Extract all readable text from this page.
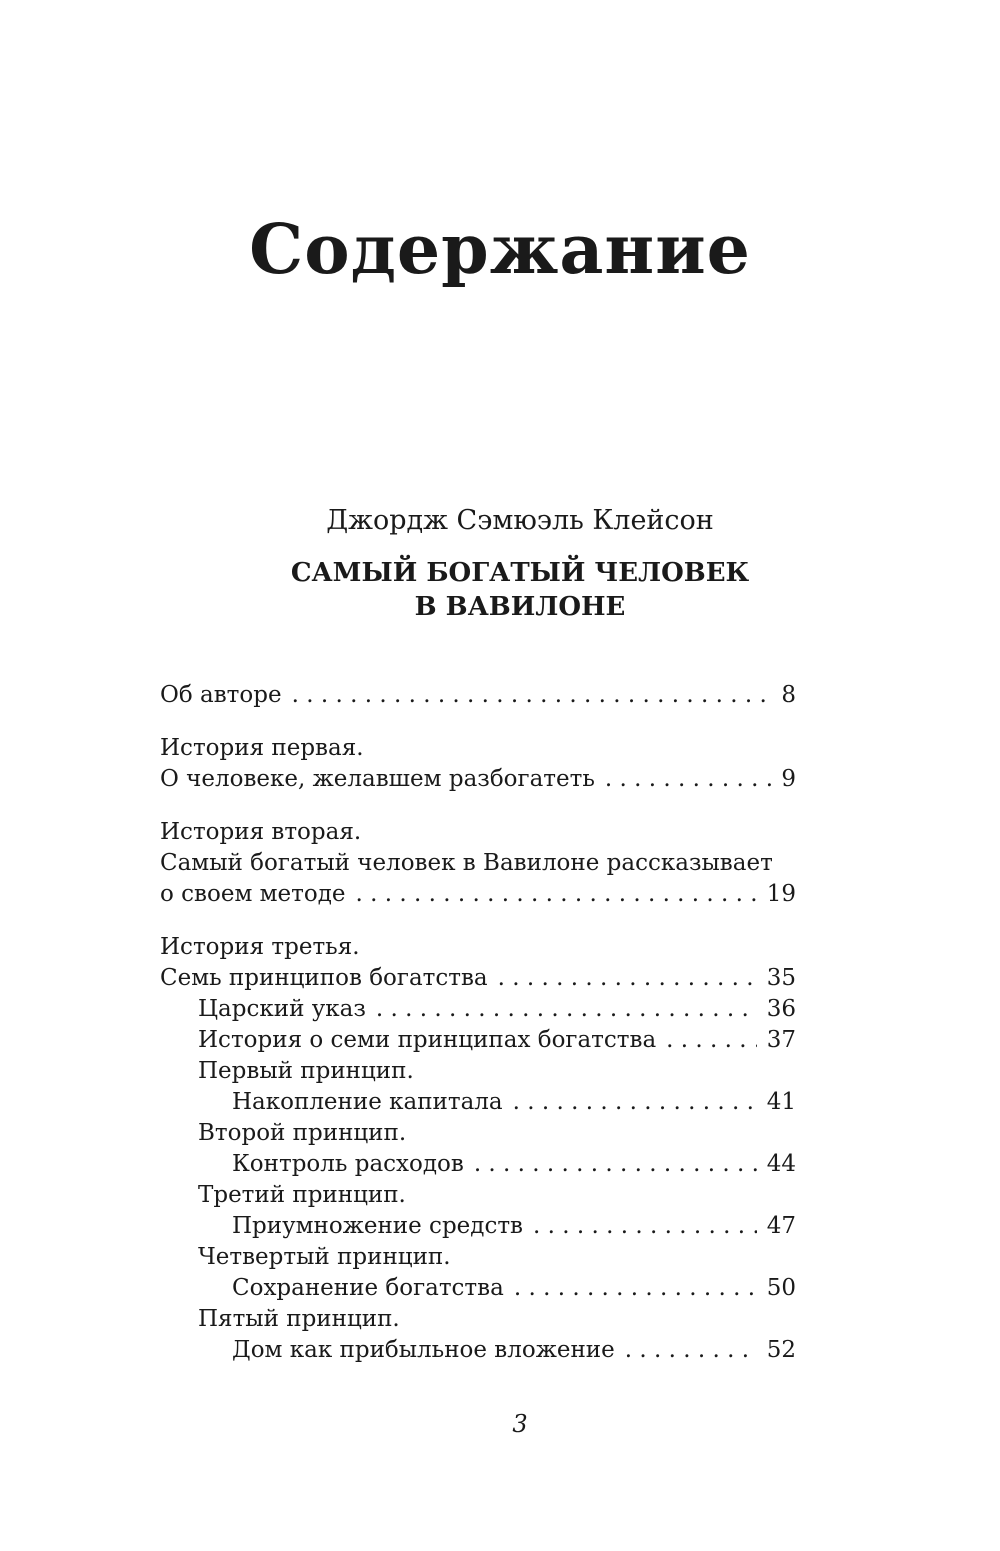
Содержание
Джордж Сэмюэль Клейсон
САМЫЙ БОГАТЫЙ ЧЕЛОВЕК
В ВАВИЛОНЕ
Об авторе . . .	8
История первая.
О человеке, желавшем разбогатеть . . .	9
История вторая.
Самый богатый человек в Вавилоне рассказывает
о своем методе . . .	19
История третья.
Семь принципов богатства . . .	35
Царский указ . . .	36
История о семи принципах богатства . . .	37
Первый принцип.
Накопление капитала . . .	41
Второй принцип.
Контроль расходов . . .	44
Третий принцип.
Приумножение средств . . .	47
Четвертый принцип.
Сохранение богатства . . .	50
Пятый принцип.
Дом как прибыльное вложение . . .	52
3
